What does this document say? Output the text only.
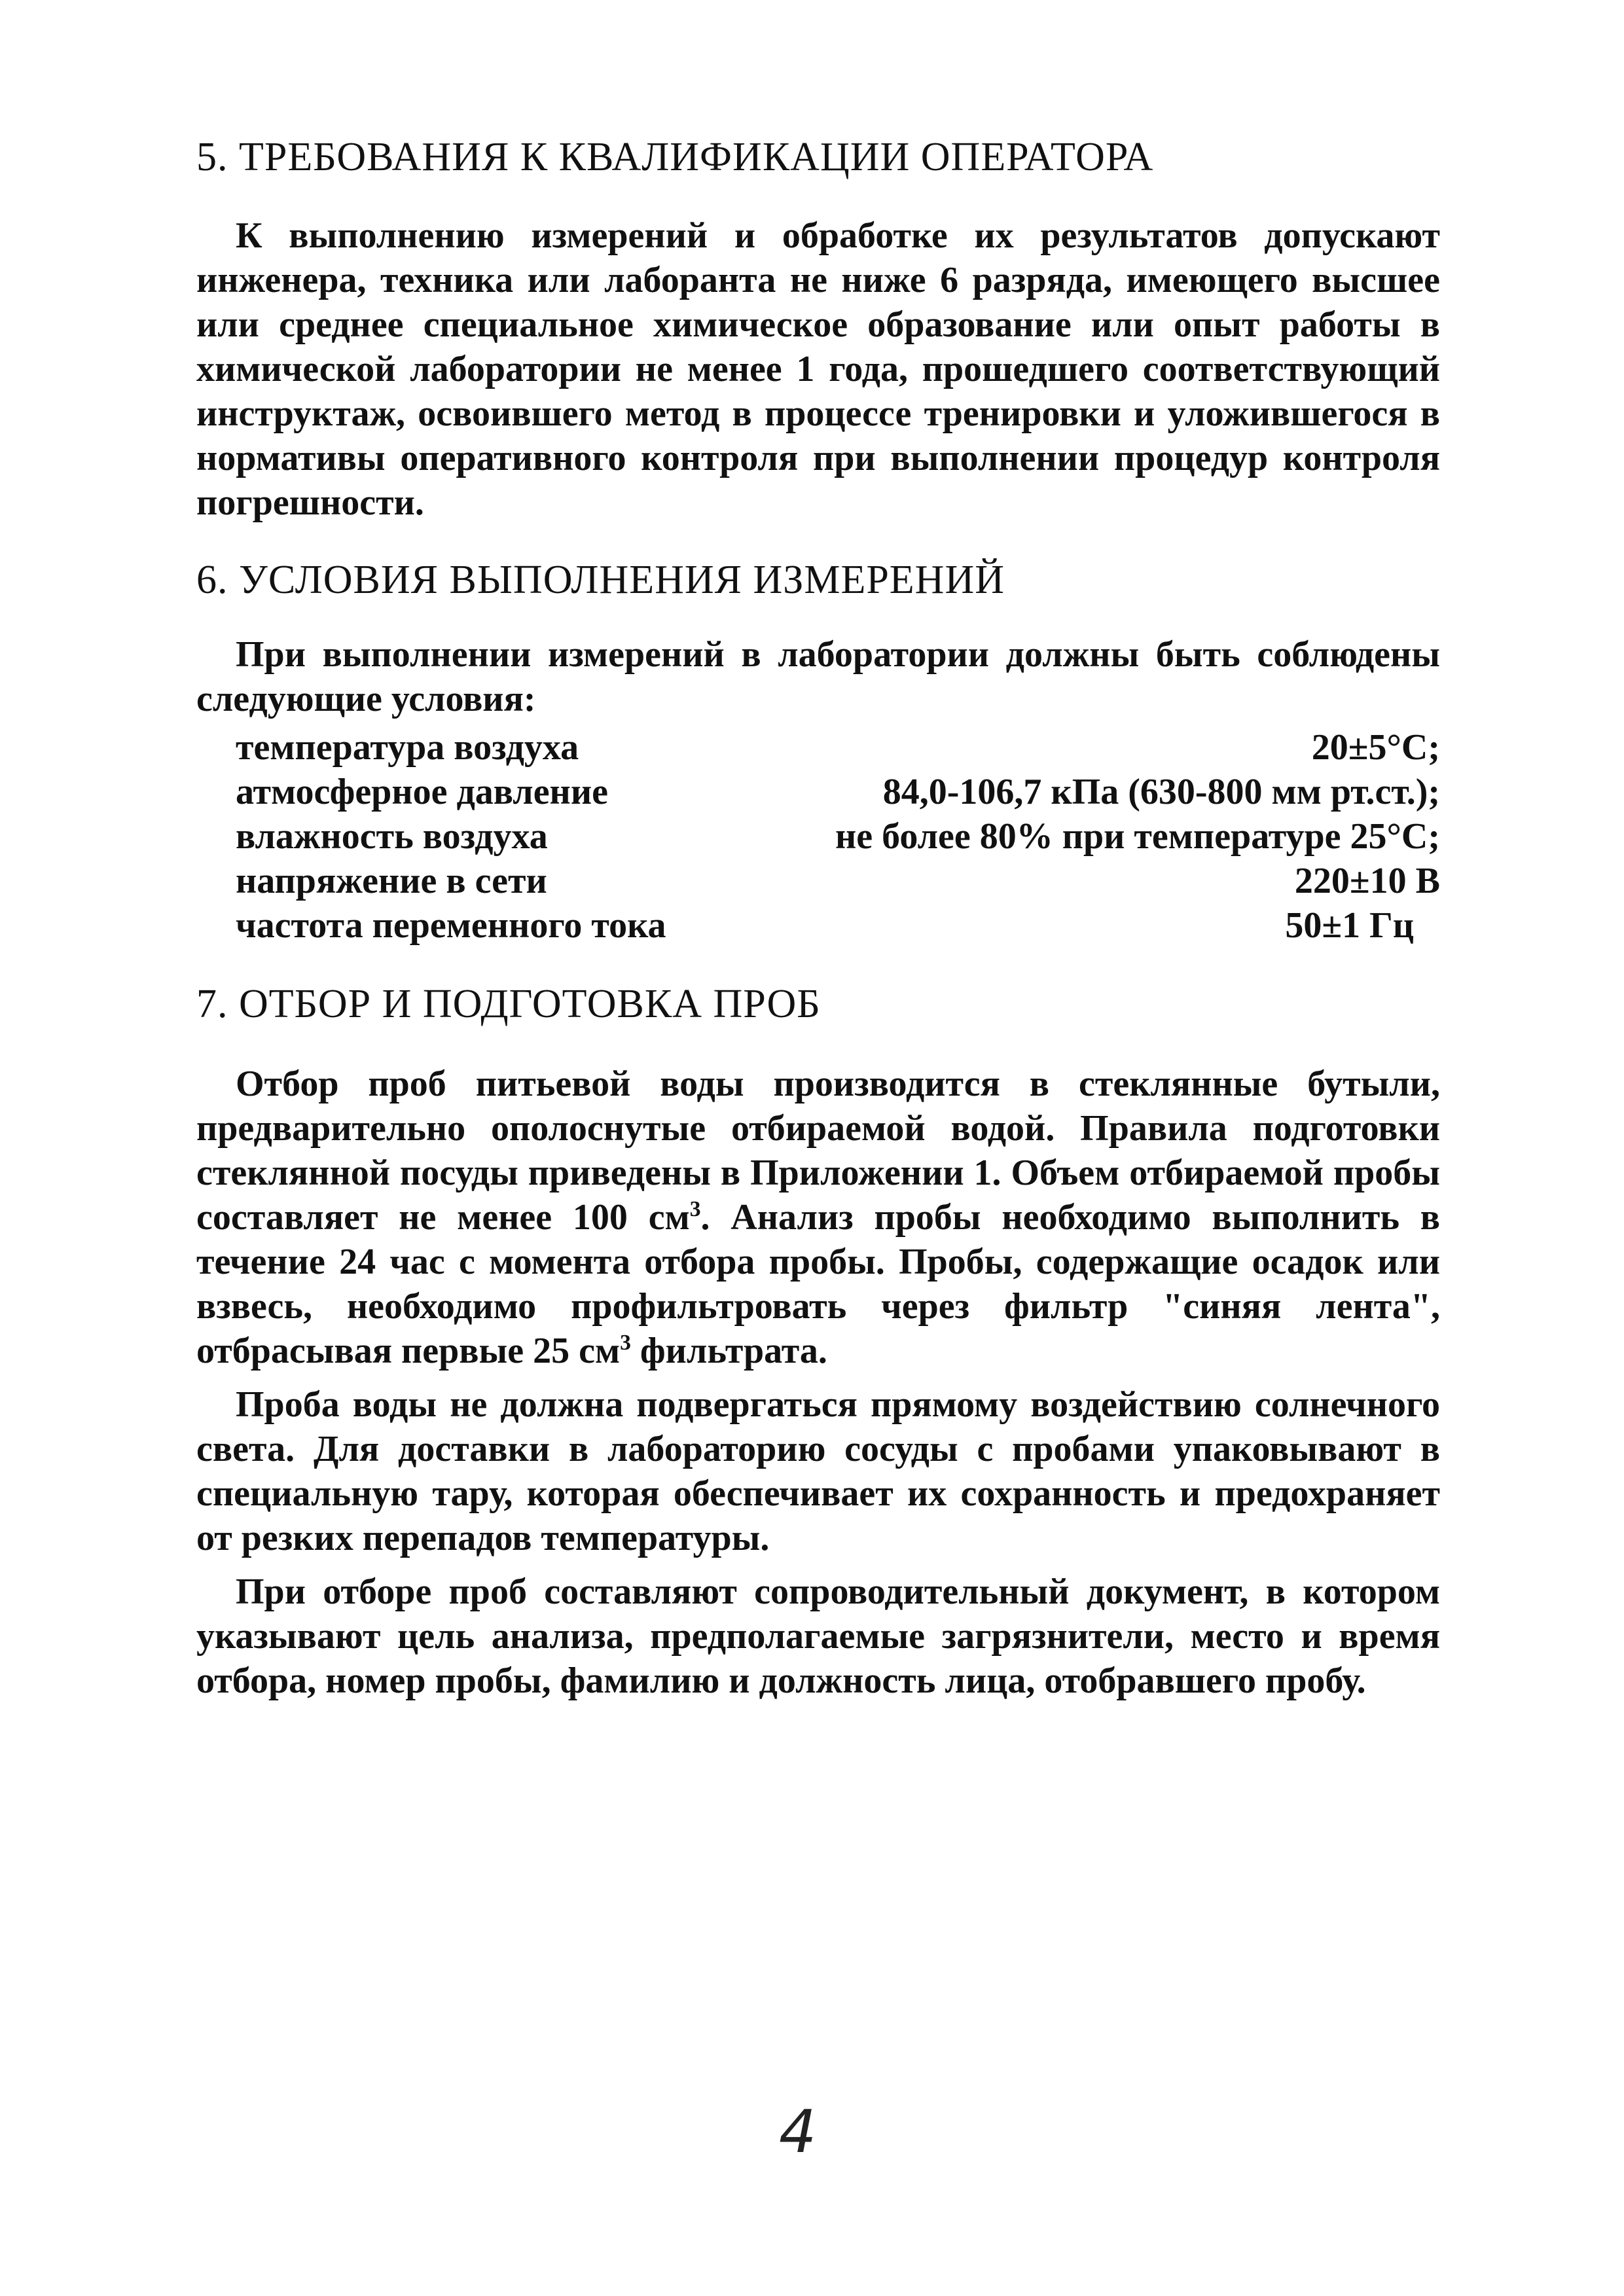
5. ТРЕБОВАНИЯ К КВАЛИФИКАЦИИ ОПЕРАТОРА

К выполнению измерений и обработке их результатов допускают инженера, техника или лаборанта не ниже 6 разряда, имеющего высшее или среднее специальное химическое образование или опыт работы в химической лаборатории не менее 1 года, прошедшего соответствующий инструктаж, освоившего метод в процессе тренировки и уложившегося в нормативы оперативного контроля при выполнении процедур контроля погрешности.

6. УСЛОВИЯ ВЫПОЛНЕНИЯ ИЗМЕРЕНИЙ

При выполнении измерений в лаборатории должны быть соблюдены следующие условия:

температура воздуха	20±5°С;
атмосферное давление	84,0-106,7 кПа (630-800 мм рт.ст.);
влажность воздуха	не более 80% при температуре 25°С;
напряжение в сети	220±10 В
частота переменного тока	50±1 Гц
7. ОТБОР И ПОДГОТОВКА ПРОБ

Отбор проб питьевой воды производится в стеклянные бутыли, предварительно ополоснутые отбираемой водой. Правила подготовки стеклянной посуды приведены в Приложении 1. Объем отбираемой пробы составляет не менее 100 $см^3$. Анализ пробы необходимо выполнить в течение 24 час с момента отбора пробы. Пробы, содержащие осадок или взвесь, необходимо профильтровать через фильтр "синяя лента", отбрасывая первые 25 $см^3$ фильтрата.

Проба воды не должна подвергаться прямому воздействию солнечного света. Для доставки в лабораторию сосуды с пробами упаковывают в специальную тару, которая обеспечивает их сохранность и предохраняет от резких перепадов температуры.

При отборе проб составляют сопроводительный документ, в котором указывают цель анализа, предполагаемые загрязнители, место и время отбора, номер пробы, фамилию и должность лица, отобравшего пробу.

4
